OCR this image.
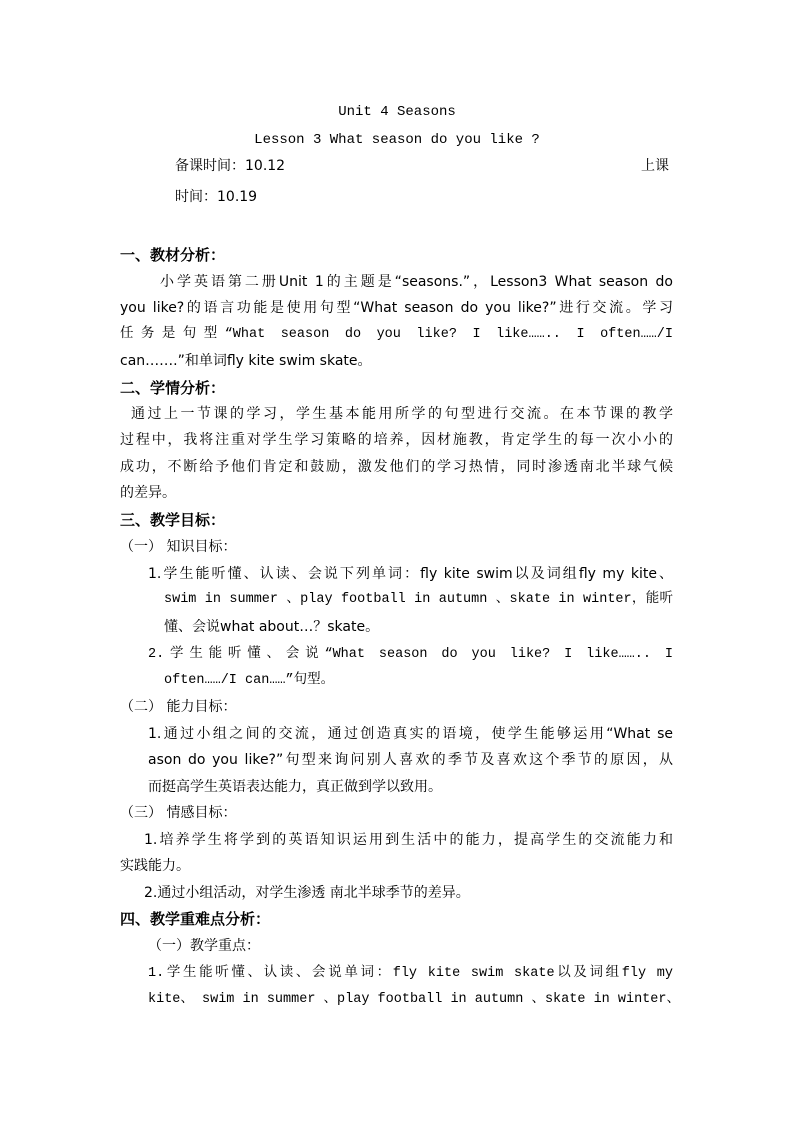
Unit 4 Seasons
Lesson 3 What season do you like ?
备课时间：10.12	上课
时间：10.19
一、教材分析：
小学英语第二册Unit 1的主题是“seasons.”，Lesson3 What season do
you like?的语言功能是使用句型“What season do you like?”进行交流。学习
任务是句型“What season do you like? I like…….. I often……/I
can…….”和单词fly kite swim skate。
二、学情分析：
通过上一节课的学习，学生基本能用所学的句型进行交流。在本节课的教学
过程中，我将注重对学生学习策略的培养，因材施教，肯定学生的每一次小小的
成功，不断给予他们肯定和鼓励，激发他们的学习热情，同时渗透南北半球气候
的差异。
三、教学目标：
（一） 知识目标：
1.学生能听懂、认读、会说下列单词：fly kite swim以及词组fly my kite、
swim in summer 、play football in autumn 、skate in winter，能听
懂、会说what about…？skate。
2.学生能听懂、会说“What season do you like? I like…….. I
often……/I can……”句型。
（二） 能力目标：
1.通过小组之间的交流，通过创造真实的语境，使学生能够运用“What se
ason do you like?”句型来询问别人喜欢的季节及喜欢这个季节的原因，从
而挺高学生英语表达能力，真正做到学以致用。
（三） 情感目标：
1.培养学生将学到的英语知识运用到生活中的能力，提高学生的交流能力和
实践能力。
2.通过小组活动，对学生渗透 南北半球季节的差异。
四、教学重难点分析：
（一）教学重点：
1.学生能听懂、认读、会说单词：fly kite swim skate以及词组fly my
kite、 swim in summer 、play football in autumn 、skate in winter、
